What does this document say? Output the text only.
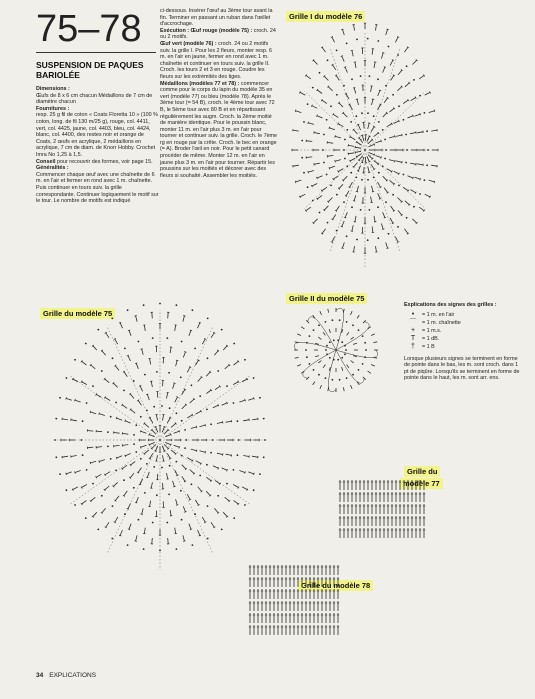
75–78
SUSPENSION DE PAQUES BARIOLÉE
Dimensions :
Œufs de 8 x 6 cm chacun Médaillons de 7 cm de diamètre chacun
Fournitures :
resp. 25 g fil de coton « Coats Floretta 10 » (100 % coton, long. de fil 130 m/25 g), rouge, col. 4411, vert, col. 4425, jaune, col. 4403, bleu, col. 4424, blanc, col. 4400, des restes noir et orange de Coats, 2 œufs en acrylique, 2 médaillons en acrylique, 7 cm de diam. de Knorr Hobby. Crochet Imra No 1,25 à 1,5.
Conseil pour recouvrir des formes, voir page 15.
Généralités :
Commencer chaque œuf avec une chaînette de 6 m. en l'air et fermer en rond avec 1 m. chaînette. Puis continuer en tours suiv. la grille correspondante. Continuer logiquement le motif sur le tour. Le nombre de motifs est indiqué
ci-dessous. Insérer l'œuf au 3ème tour avant la fin. Terminer en passant un ruban dans l'œillet d'accrochage.
Exécution : Œuf rouge (modèle 75) : croch. 24 ou 2 motifs.
Œuf vert (modèle 76) : croch. 24 ou 2 motifs suiv. la grille I. Pour les 2 fleurs, monter resp. 6 m. en l'air en jaune, fermer en rond avec 1 m. chaînette et continuer en tours suiv. la grille II. Croch. les tours 2 et 3 en rouge. Coudre les fleurs sur les extrémités des tiges.
Médaillons (modèles 77 et 78) : commencer comme pour le corps du lapin du modèle 35 en vert (modèle 77) ou bleu (modèle 78). Après le 3ème tour (= 54 B), croch. le 4ème tour avec 72 B, le 5ème tour avec 80 B et en répartissant régulièrement les augm. Croch. la 2ème moitié de manière identique. Pour le poussin blanc, monter 11 m. en l'air plus 3 m. en l'air pour tourner et continuer suiv. la grille. Croch. le 7ème rg en rouge par la crête. Croch. le bec en orange (= A). Broder l'œil en noir. Pour le petit canard procéder de même. Monter 12 m. en l'air en jaune plus 3 m. en l'air pour tourner. Répartir les poussins sur les moitiés et décorer avec des fleurs si souhaité. Assembler les moitiés.
Grille I du modèle 76
Grille du modèle 75
Grille II du modèle 75
Grille du
modèle 77
Grille du modèle 78
Explications des signes des grilles :
•	= 1 m. en l'air
⌒	= 1 m. chaînette
+	= 1 m.s.
T	= 1 dB.
†	= 1 B
Lorsque plusieurs signes se terminent en forme de pointe dans le bas, les m. sont croch. dans 1 pt de piqûre. Lorsqu'ils se terminent en forme de pointe dans le haut, les m. sont arr. ens.
34 EXPLICATIONS
